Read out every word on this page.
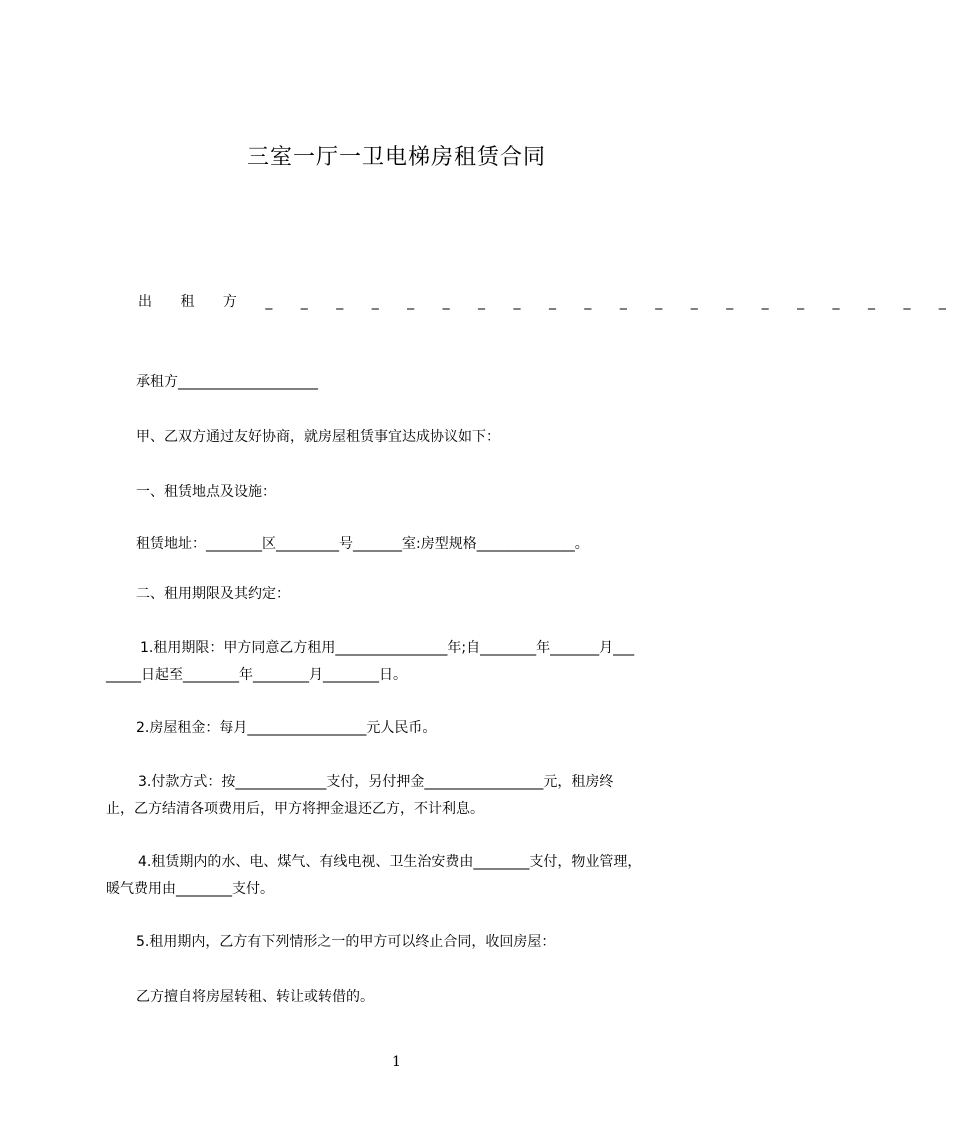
三室一厅一卫电梯房租赁合同
出 租 方 _ _ _ _ _ _ _ _ _ _ _ _ _ _ _ _ _ _ _ _
承租方____________________
甲、乙双方通过友好协商，就房屋租赁事宜达成协议如下：
一、租赁地点及设施：
租赁地址：________区_________号_______室:房型规格______________。
二、租用期限及其约定：
1.租用期限：甲方同意乙方租用________________年;自________年_______月___
_____日起至________年________月________日。
2.房屋租金：每月_________________元人民币。
3.付款方式：按_____________支付，另付押金_________________元，租房终
止，乙方结清各项费用后，甲方将押金退还乙方，不计利息。
4.租赁期内的水、电、煤气、有线电视、卫生治安费由________支付，物业管理，
暖气费用由________支付。
5.租用期内，乙方有下列情形之一的甲方可以终止合同，收回房屋：
乙方擅自将房屋转租、转让或转借的。
1
